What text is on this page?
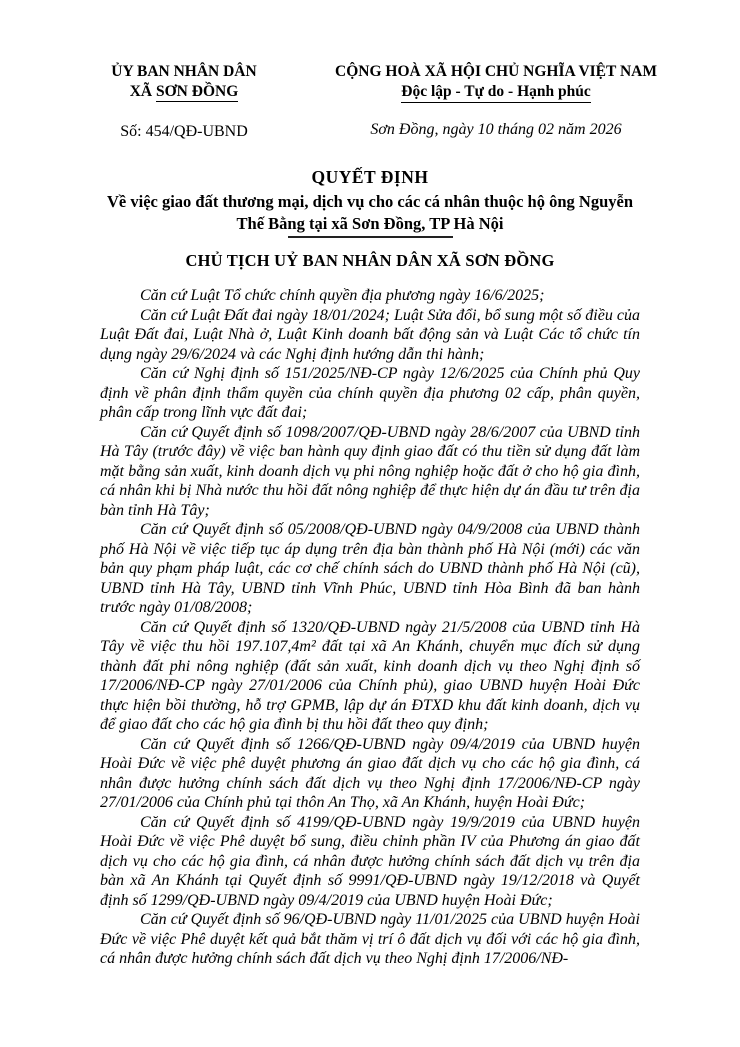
ỦY BAN NHÂN DÂN
XÃ SƠN ĐỒNG
Số: 454/QĐ-UBND
CỘNG HOÀ XÃ HỘI CHỦ NGHĨA VIỆT NAM
Độc lập - Tự do - Hạnh phúc
Sơn Đồng, ngày 10 tháng 02 năm 2026
QUYẾT ĐỊNH
Về việc giao đất thương mại, dịch vụ cho các cá nhân thuộc hộ ông Nguyễn
Thế Bằng tại xã Sơn Đồng, TP Hà Nội
CHỦ TỊCH UỶ BAN NHÂN DÂN XÃ SƠN ĐỒNG

Căn cứ Luật Tổ chức chính quyền địa phương ngày 16/6/2025;

Căn cứ Luật Đất đai ngày 18/01/2024; Luật Sửa đổi, bổ sung một số điều của Luật Đất đai, Luật Nhà ở, Luật Kinh doanh bất động sản và Luật Các tổ chức tín dụng ngày 29/6/2024 và các Nghị định hướng dẫn thi hành;

Căn cứ Nghị định số 151/2025/NĐ-CP ngày 12/6/2025 của Chính phủ Quy định về phân định thẩm quyền của chính quyền địa phương 02 cấp, phân quyền, phân cấp trong lĩnh vực đất đai;

Căn cứ Quyết định số 1098/2007/QĐ-UBND ngày 28/6/2007 của UBND tỉnh Hà Tây (trước đây) về việc ban hành quy định giao đất có thu tiền sử dụng đất làm mặt bằng sản xuất, kinh doanh dịch vụ phi nông nghiệp hoặc đất ở cho hộ gia đình, cá nhân khi bị Nhà nước thu hồi đất nông nghiệp để thực hiện dự án đầu tư trên địa bàn tỉnh Hà Tây;

Căn cứ Quyết định số 05/2008/QĐ-UBND ngày 04/9/2008 của UBND thành phố Hà Nội về việc tiếp tục áp dụng trên địa bàn thành phố Hà Nội (mới) các văn bản quy phạm pháp luật, các cơ chế chính sách do UBND thành phố Hà Nội (cũ), UBND tỉnh Hà Tây, UBND tỉnh Vĩnh Phúc, UBND tỉnh Hòa Bình đã ban hành trước ngày 01/08/2008;

Căn cứ Quyết định số 1320/QĐ-UBND ngày 21/5/2008 của UBND tỉnh Hà Tây về việc thu hồi 197.107,4m² đất tại xã An Khánh, chuyển mục đích sử dụng thành đất phi nông nghiệp (đất sản xuất, kinh doanh dịch vụ theo Nghị định số 17/2006/NĐ-CP ngày 27/01/2006 của Chính phủ), giao UBND huyện Hoài Đức thực hiện bồi thường, hỗ trợ GPMB, lập dự án ĐTXD khu đất kinh doanh, dịch vụ để giao đất cho các hộ gia đình bị thu hồi đất theo quy định;

Căn cứ Quyết định số 1266/QĐ-UBND ngày 09/4/2019 của UBND huyện Hoài Đức về việc phê duyệt phương án giao đất dịch vụ cho các hộ gia đình, cá nhân được hưởng chính sách đất dịch vụ theo Nghị định 17/2006/NĐ-CP ngày 27/01/2006 của Chính phủ tại thôn An Thọ, xã An Khánh, huyện Hoài Đức;

Căn cứ Quyết định số 4199/QĐ-UBND ngày 19/9/2019 của UBND huyện Hoài Đức về việc Phê duyệt bổ sung, điều chỉnh phần IV của Phương án giao đất dịch vụ cho các hộ gia đình, cá nhân được hưởng chính sách đất dịch vụ trên địa bàn xã An Khánh tại Quyết định số 9991/QĐ-UBND ngày 19/12/2018 và Quyết định số 1299/QĐ-UBND ngày 09/4/2019 của UBND huyện Hoài Đức;

Căn cứ Quyết định số 96/QĐ-UBND ngày 11/01/2025 của UBND huyện Hoài Đức về việc Phê duyệt kết quả bắt thăm vị trí ô đất dịch vụ đối với các hộ gia đình, cá nhân được hưởng chính sách đất dịch vụ theo Nghị định 17/2006/NĐ-
